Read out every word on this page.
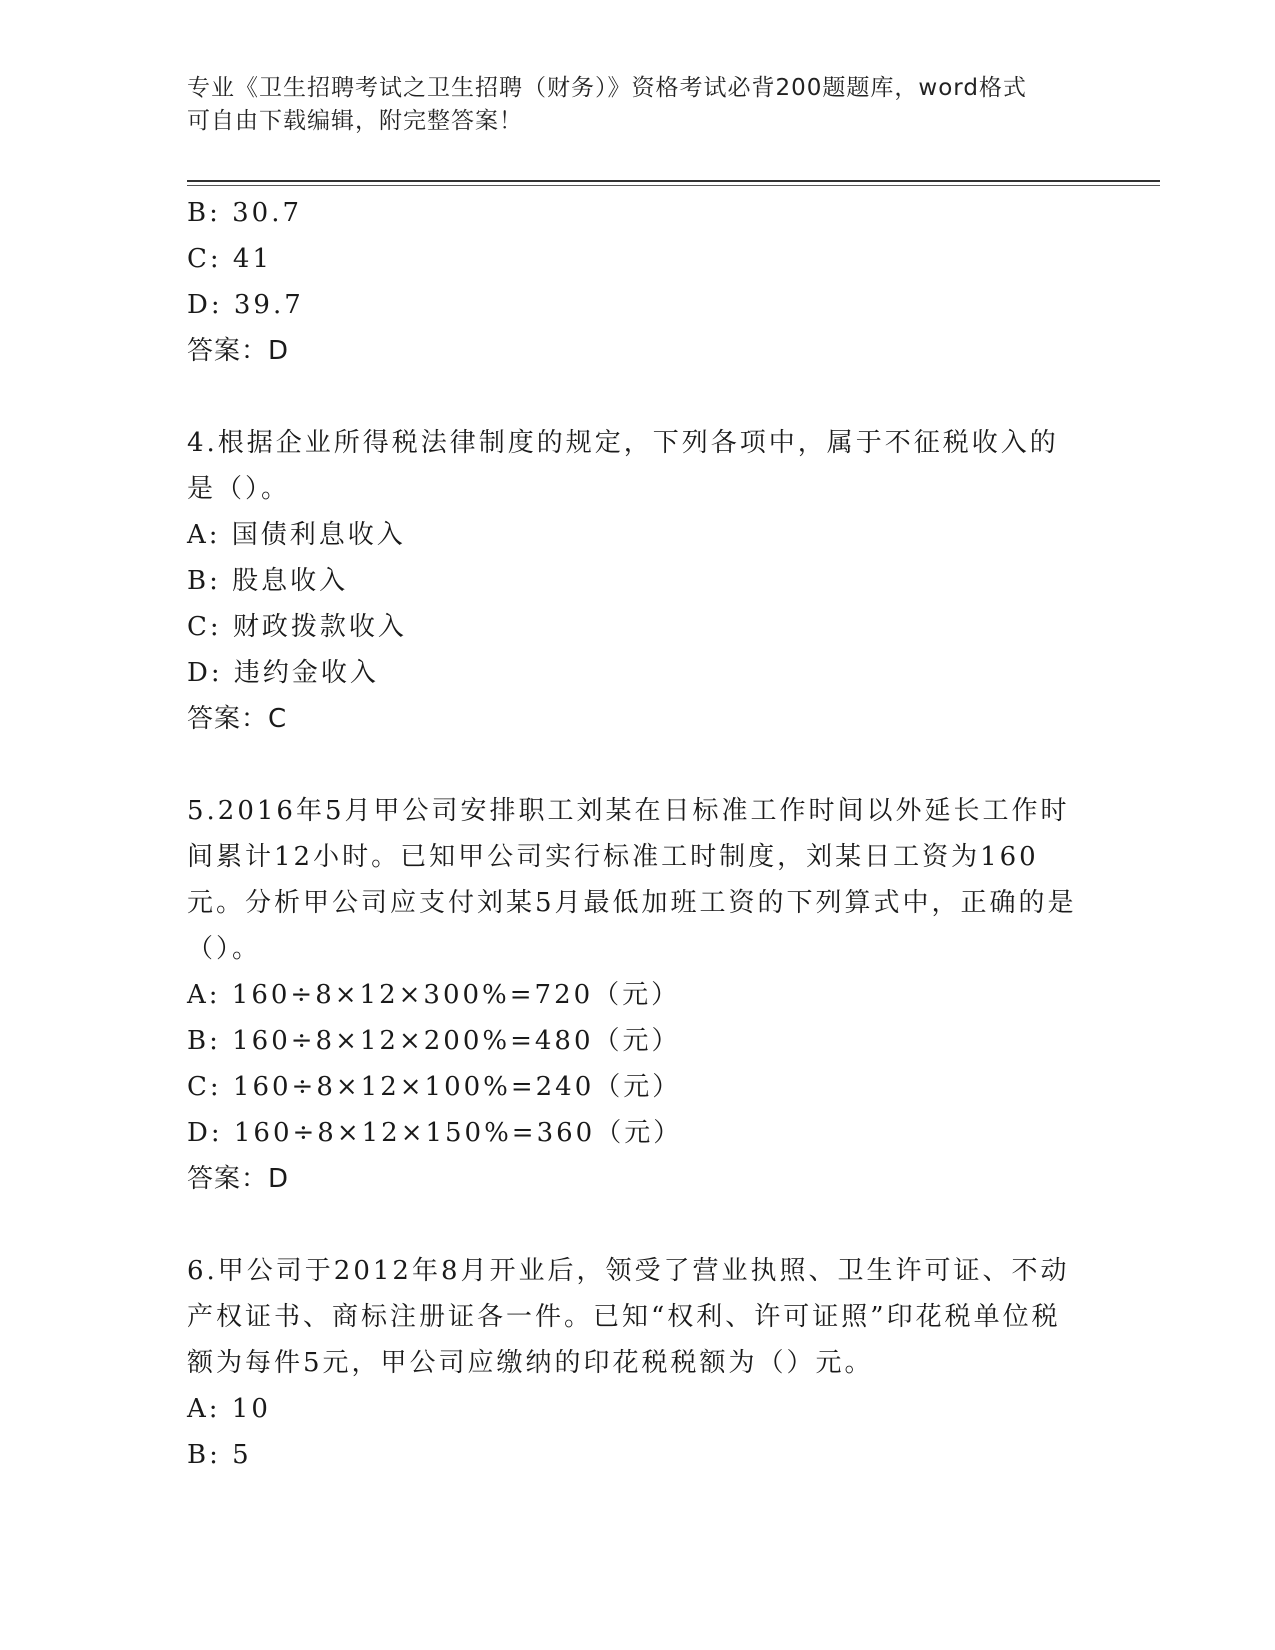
专业《卫生招聘考试之卫生招聘（财务）》资格考试必背200题题库，word格式
可自由下载编辑，附完整答案！
B: 30.7
C: 41
D: 39.7
答案：D
4.根据企业所得税法律制度的规定，下列各项中，属于不征税收入的是（）。
A: 国债利息收入
B: 股息收入
C: 财政拨款收入
D: 违约金收入
答案：C
5.2016年5月甲公司安排职工刘某在日标准工作时间以外延长工作时间累计12小时。已知甲公司实行标准工时制度，刘某日工资为160元。分析甲公司应支付刘某5月最低加班工资的下列算式中，正确的是（）。
A: 160÷8×12×300%=720（元）
B: 160÷8×12×200%=480（元）
C: 160÷8×12×100%=240（元）
D: 160÷8×12×150%=360（元）
答案：D
6.甲公司于2012年8月开业后，领受了营业执照、卫生许可证、不动产权证书、商标注册证各一件。已知“权利、许可证照”印花税单位税额为每件5元，甲公司应缴纳的印花税税额为（）元。
A: 10
B: 5
